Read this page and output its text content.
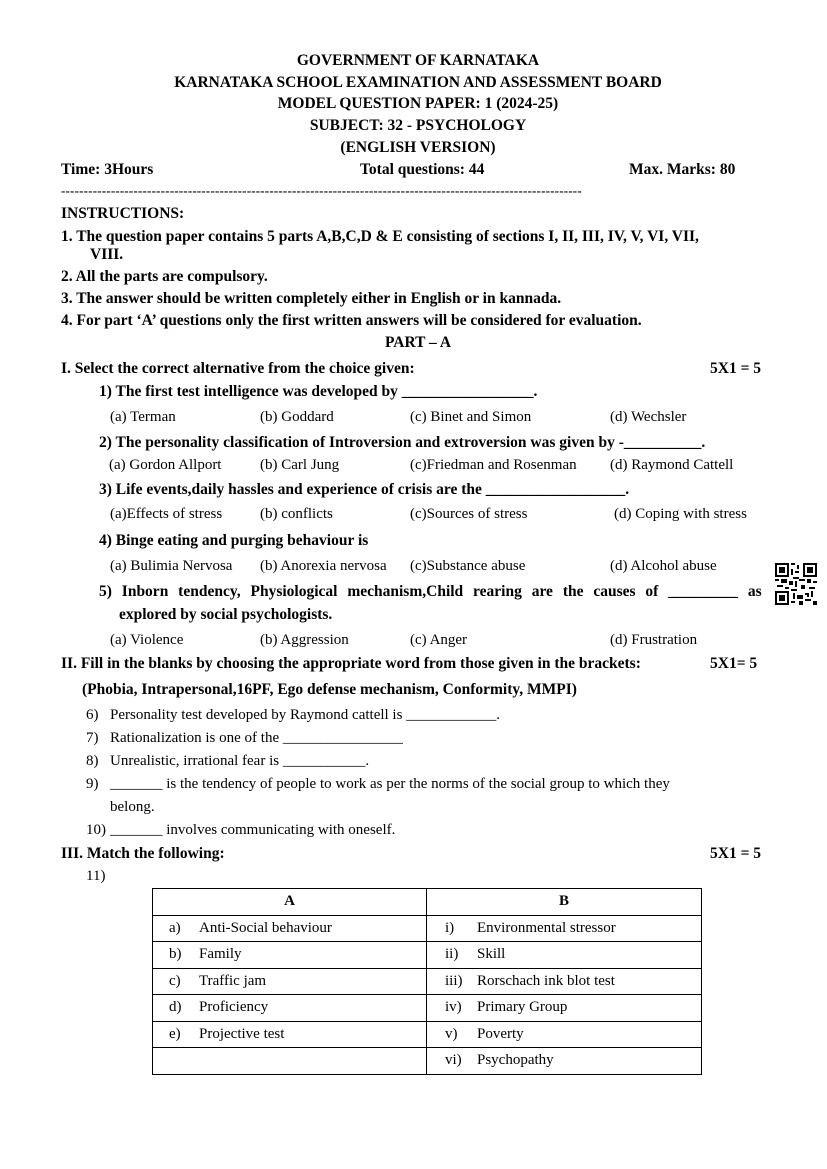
GOVERNMENT OF KARNATAKA
KARNATAKA SCHOOL EXAMINATION AND ASSESSMENT BOARD
MODEL QUESTION PAPER: 1 (2024-25)
SUBJECT: 32 - PSYCHOLOGY
(ENGLISH VERSION)
Time: 3Hours	Total questions: 44	Max. Marks: 80
-------------------------------------------------------------------------------------------------------------------
INSTRUCTIONS:
1. The question paper contains 5 parts A,B,C,D & E consisting of sections I, II, III, IV, V, VI, VII,
VIII.
2. All the parts are compulsory.
3. The answer should be written completely either in English or in kannada.
4. For part ‘A’ questions only the first written answers will be considered for evaluation.
PART – A
I. Select the correct alternative from the choice given:	5X1 = 5
1) The first test intelligence was developed by _________________.
(a) Terman	(b) Goddard	(c) Binet and Simon	(d) Wechsler
2) The personality classification of Introversion and extroversion was given by -__________.
(a) Gordon Allport	(b) Carl Jung	(c)Friedman and Rosenman (d) Raymond Cattell
3) Life events,daily hassles and experience of crisis are the __________________.
(a)Effects of stress	(b) conflicts	(c)Sources of stress	(d) Coping with stress
4) Binge eating and purging behaviour is
(a) Bulimia Nervosa (b) Anorexia nervosa (c)Substance abuse	(d) Alcohol abuse
5) Inborn tendency, Physiological mechanism,Child rearing are the causes of _________ as
explored by social psychologists.
(a) Violence	(b) Aggression	(c) Anger	(d) Frustration
II. Fill in the blanks by choosing the appropriate word from those given in the brackets:	5X1= 5
(Phobia, Intrapersonal,16PF, Ego defense mechanism, Conformity, MMPI)
6) Personality test developed by Raymond cattell is ____________.
7) Rationalization is one of the ________________
8) Unrealistic, irrational fear is ___________.
9) _______ is the tendency of people to work as per the norms of the social group to which they
belong.
10) _______ involves communicating with oneself.
III. Match the following:	5X1 = 5
11)
A	B
a) Anti-Social behaviour	i) Environmental stressor
b) Family	ii) Skill
c) Traffic jam	iii) Rorschach ink blot test
d) Proficiency	iv) Primary Group
e) Projective test	v) Poverty
	vi) Psychopathy
